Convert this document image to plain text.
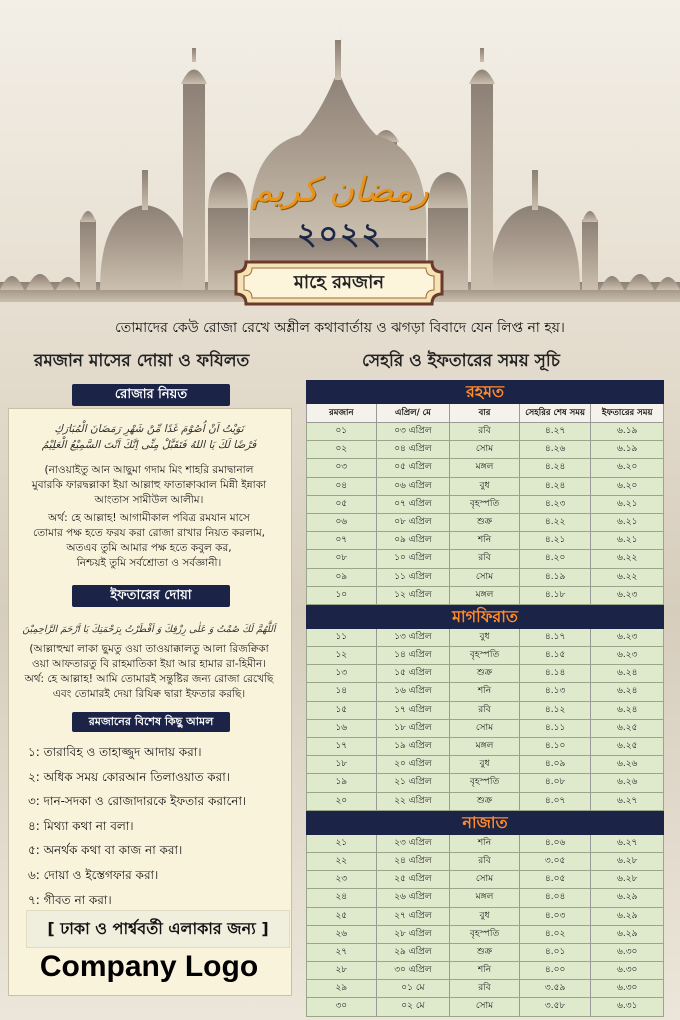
رمضان كريم
২০২২
মাহে রমজান
তোমাদের কেউ রোজা রেখে অশ্লীল কথাবার্তায় ও ঝগড়া বিবাদে যেন লিপ্ত না হয়।
রমজান মাসের দোয়া ও ফযিলত	সেহরি ও ইফতারের সময় সূচি
রোজার নিয়ত
نَوَيْتُ اَنْ اُصُوْمَ غَدًا مِّنْ شَهْرِ رَمَضَانَ الْمُبَارَكِ
فَرْضًا لَكَ يَا اللهُ فَتَقَبَّلْ مِنِّى اِنَّكَ اَنْتَ السَّمِيْعُ الْعَلِيْمُ
(নাওয়াইতু আন আছুমা গদাম মিং শাহরি রমাদ্বানাল
মুবারকি ফারদ্বল্লাকা ইয়া আল্লাহু ফাতাক্বাব্বাল মিন্নী ইন্নাকা
আংতাস সামীউল আলীম।
অর্থ: হে আল্লাহ! আগামীকাল পবিত্র রমযান মাসে
তোমার পক্ষ হতে ফরয করা রোজা রাখার নিয়ত করলাম,
অতএব তুমি আমার পক্ষ হতে কবুল কর,
নিশ্চয়ই তুমি সর্বশ্রোতা ও সর্বজ্ঞানী।
ইফতারের দোয়া
اَللَّهُمَّ لَكَ صُمْتُ وَ عَلٰى رِزْقِكَ وَ اَفْطَرْتُ بِرَحْمَتِكَ يَا اَرْحَمَ الرَّاحِمِيْنَ
(আল্লাহুম্মা লাকা ছুমতু ওয়া তাওয়াক্কালতু আলা রিজক্বিকা
ওয়া আফতারতু বি রাহমাতিকা ইয়া আর হামার রা-হিমীন।
অর্থ: হে আল্লাহ! আমি তোমারই সন্তুষ্টির জন্য রোজা রেখেছি
এবং তোমারই দেয়া রিযিক্ব দ্বারা ইফতার করছি।
রমজানের বিশেষ কিছু আমল
১: তারাবিহ ও তাহাজ্জুদ আদায় করা।
২: অধিক সময় কোরআন তিলাওয়াত করা।
৩: দান-সদকা ও রোজাদারকে ইফতার করানো।
৪: মিথ্যা কথা না বলা।
৫: অনর্থক কথা বা কাজ না করা।
৬: দোয়া ও ইস্তেগফার করা।
৭: গীবত না করা।
[ ঢাকা ও পার্শ্ববর্তী এলাকার জন্য ]
Company Logo
রহমত
রমজান	এপ্রিল/ মে	বার	সেহরির শেষ সময়	ইফতারের সময়
০১	০৩ এপ্রিল	রবি	৪.২৭	৬.১৯
০২	০৪ এপ্রিল	সোম	৪.২৬	৬.১৯
০৩	০৫ এপ্রিল	মঙ্গল	৪.২৪	৬.২০
০৪	০৬ এপ্রিল	বুধ	৪.২৪	৬.২০
০৫	০৭ এপ্রিল	বৃহস্পতি	৪.২৩	৬.২১
০৬	০৮ এপ্রিল	শুক্র	৪.২২	৬.২১
০৭	০৯ এপ্রিল	শনি	৪.২১	৬.২১
০৮	১০ এপ্রিল	রবি	৪.২০	৬.২২
০৯	১১ এপ্রিল	সোম	৪.১৯	৬.২২
১০	১২ এপ্রিল	মঙ্গল	৪.১৮	৬.২৩
মাগফিরাত
১১	১৩ এপ্রিল	বুধ	৪.১৭	৬.২৩
১২	১৪ এপ্রিল	বৃহস্পতি	৪.১৫	৬.২৩
১৩	১৫ এপ্রিল	শুক্র	৪.১৪	৬.২৪
১৪	১৬ এপ্রিল	শনি	৪.১৩	৬.২৪
১৫	১৭ এপ্রিল	রবি	৪.১২	৬.২৪
১৬	১৮ এপ্রিল	সোম	৪.১১	৬.২৫
১৭	১৯ এপ্রিল	মঙ্গল	৪.১০	৬.২৫
১৮	২০ এপ্রিল	বুধ	৪.০৯	৬.২৬
১৯	২১ এপ্রিল	বৃহস্পতি	৪.০৮	৬.২৬
২০	২২ এপ্রিল	শুক্র	৪.০৭	৬.২৭
নাজাত
২১	২৩ এপ্রিল	শনি	৪.০৬	৬.২৭
২২	২৪ এপ্রিল	রবি	৩.০৫	৬.২৮
২৩	২৫ এপ্রিল	সোম	৪.০৫	৬.২৮
২৪	২৬ এপ্রিল	মঙ্গল	৪.০৪	৬.২৯
২৫	২৭ এপ্রিল	বুধ	৪.০৩	৬.২৯
২৬	২৮ এপ্রিল	বৃহস্পতি	৪.০২	৬.২৯
২৭	২৯ এপ্রিল	শুক্র	৪.০১	৬.৩০
২৮	৩০ এপ্রিল	শনি	৪.০০	৬.৩০
২৯	০১ মে	রবি	৩.৫৯	৬.৩০
৩০	০২ মে	সোম	৩.৫৮	৬.৩১
